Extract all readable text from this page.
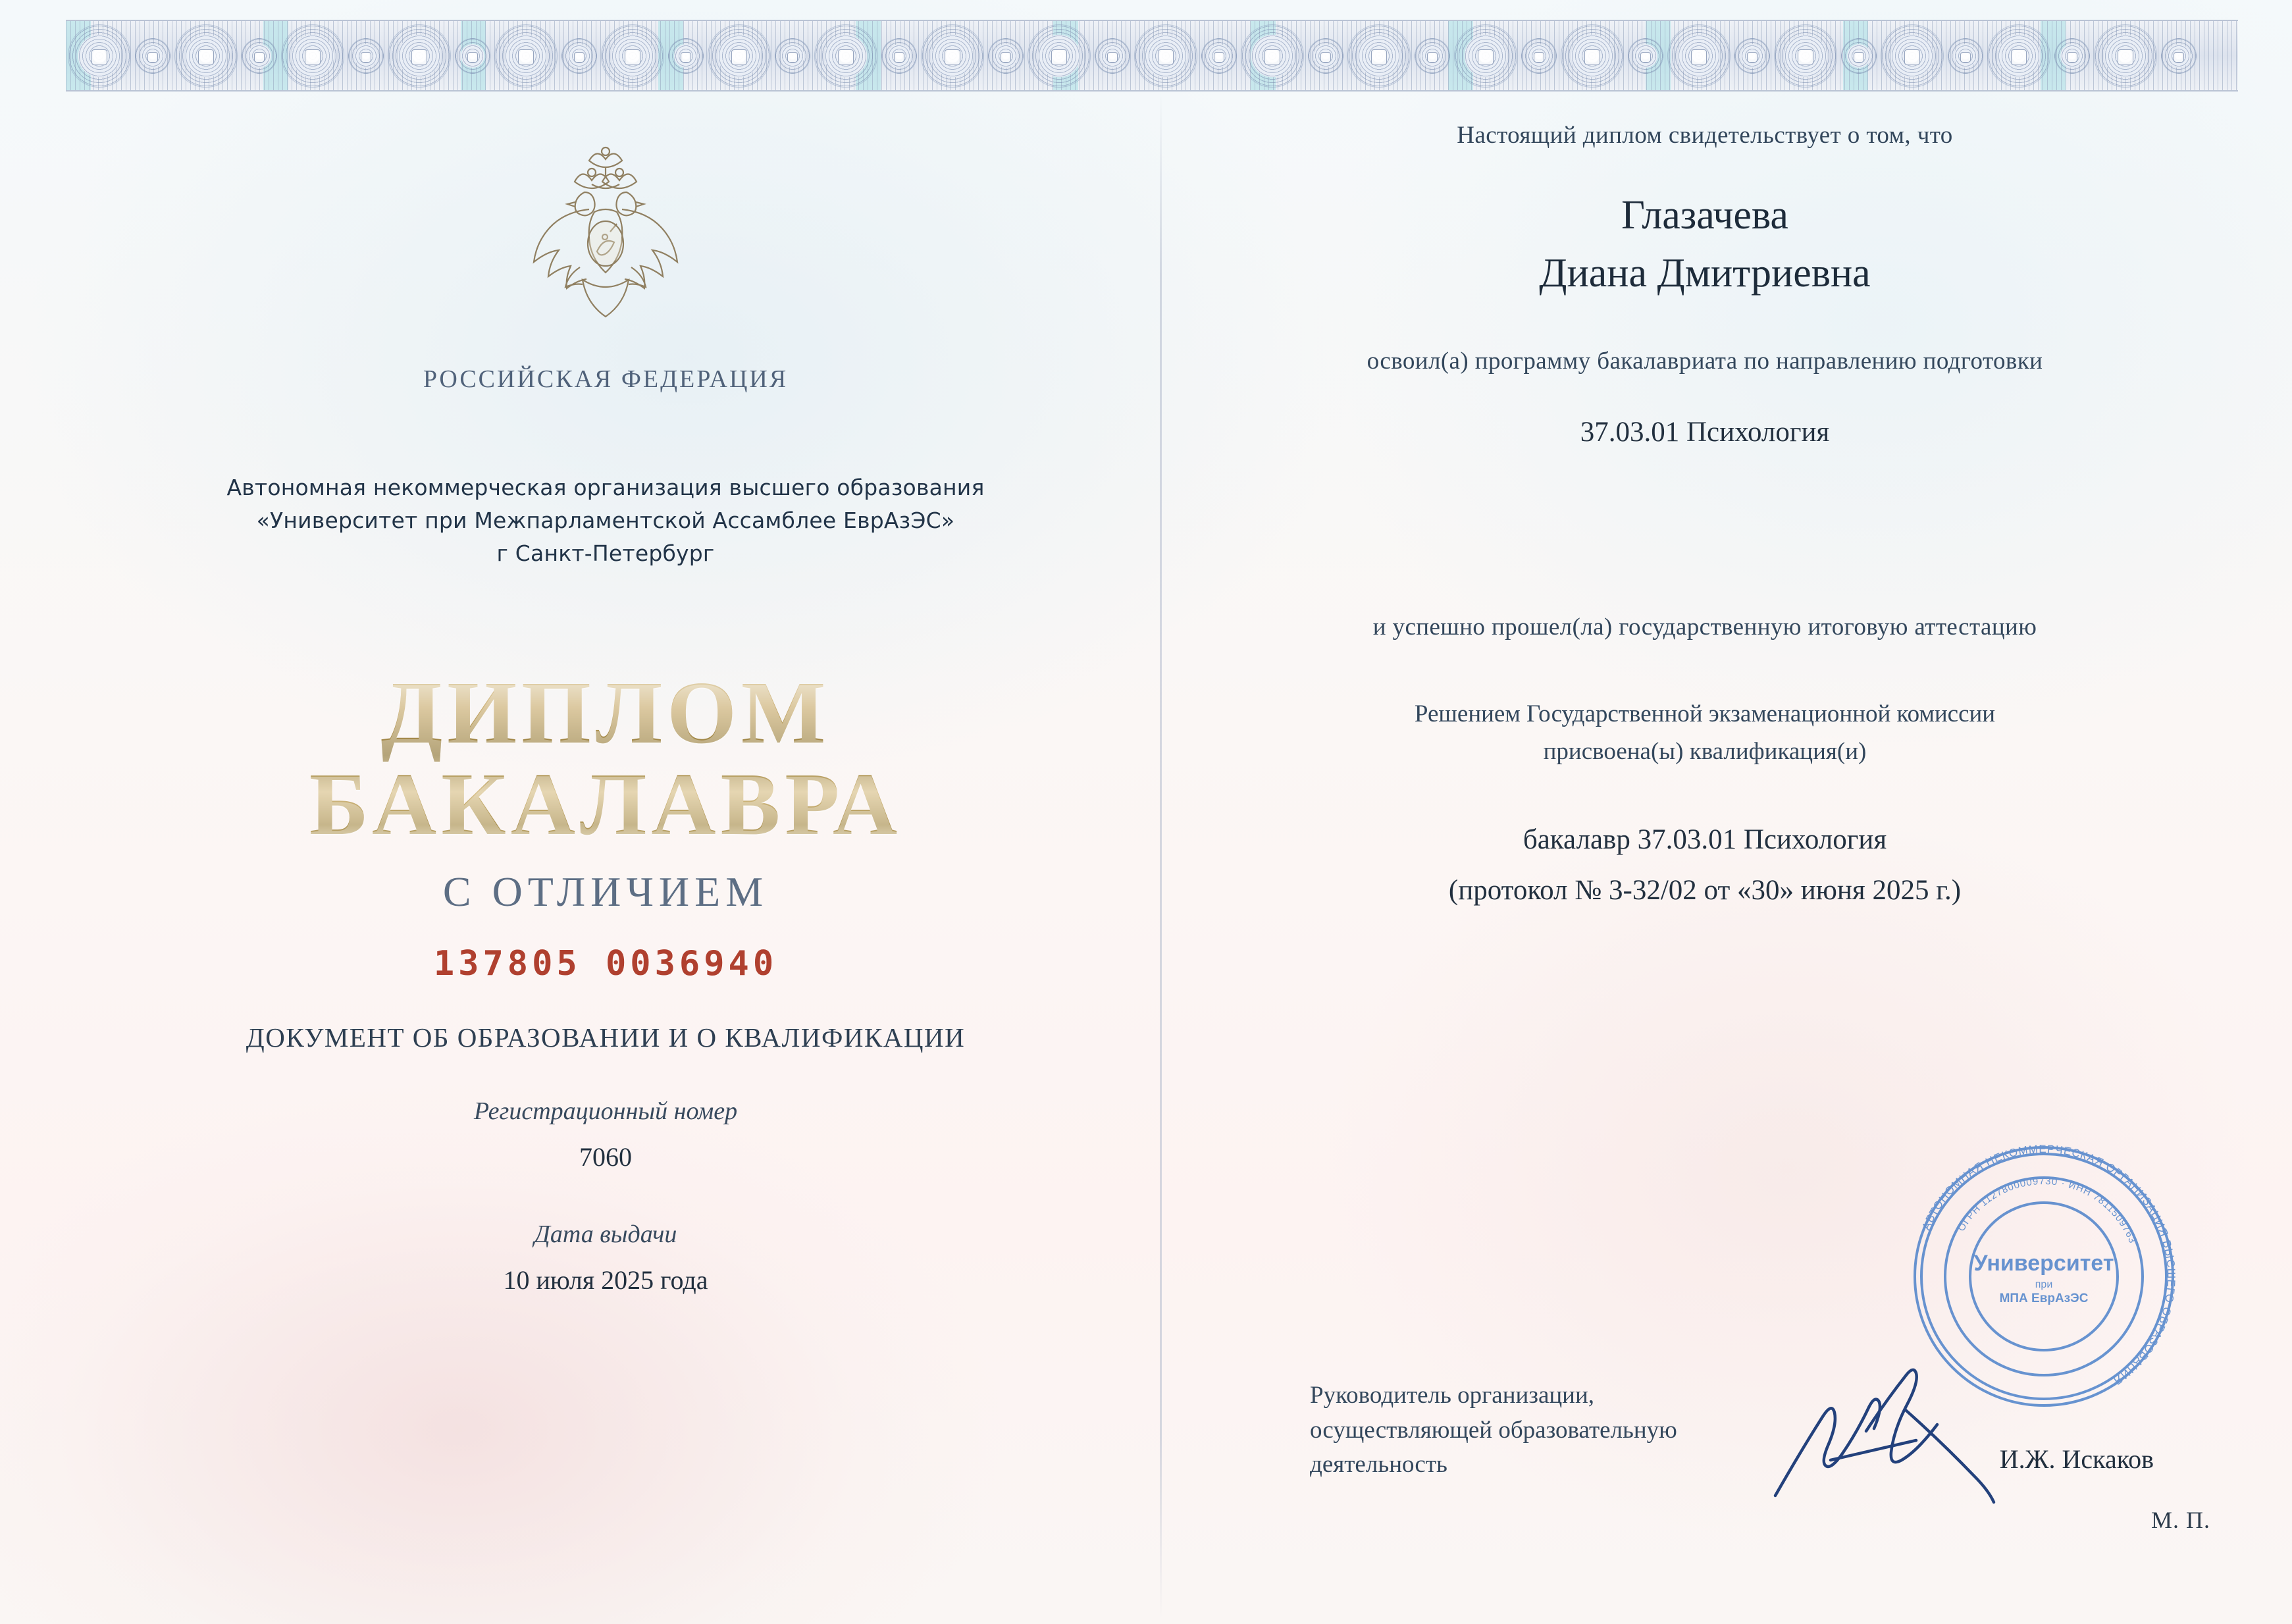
РОССИЙСКАЯ ФЕДЕРАЦИЯ
Автономная некоммерческая организация высшего образования
«Университет при Межпарламентской Ассамблее ЕврАзЭС»
г Санкт-Петербург
ДИПЛОМ
БАКАЛАВРА
С ОТЛИЧИЕМ
137805 0036940
ДОКУМЕНТ ОБ ОБРАЗОВАНИИ И О КВАЛИФИКАЦИИ
Регистрационный номер
7060
Дата выдачи
10 июля 2025 года
Настоящий диплом свидетельствует о том, что
Глазачева
Диана Дмитриевна
освоил(а) программу бакалавриата по направлению подготовки
37.03.01 Психология
и успешно прошел(ла) государственную итоговую аттестацию
Решением Государственной экзаменационной комиссии
присвоена(ы) квалификация(и)
бакалавр 37.03.01 Психология
(протокол № 3-32/02 от «30» июня 2025 г.)
Руководитель организации,
осуществляющей образовательную
деятельность
АВТОНОМНАЯ НЕКОММЕРЧЕСКАЯ ОРГАНИЗАЦИЯ ВЫСШЕГО ОБРАЗОВАНИЯ
ОГРН 1127800009730 · ИНН 7811509763
Университет
при
МПА ЕврАзЭС
И.Ж. Искаков
М. П.
